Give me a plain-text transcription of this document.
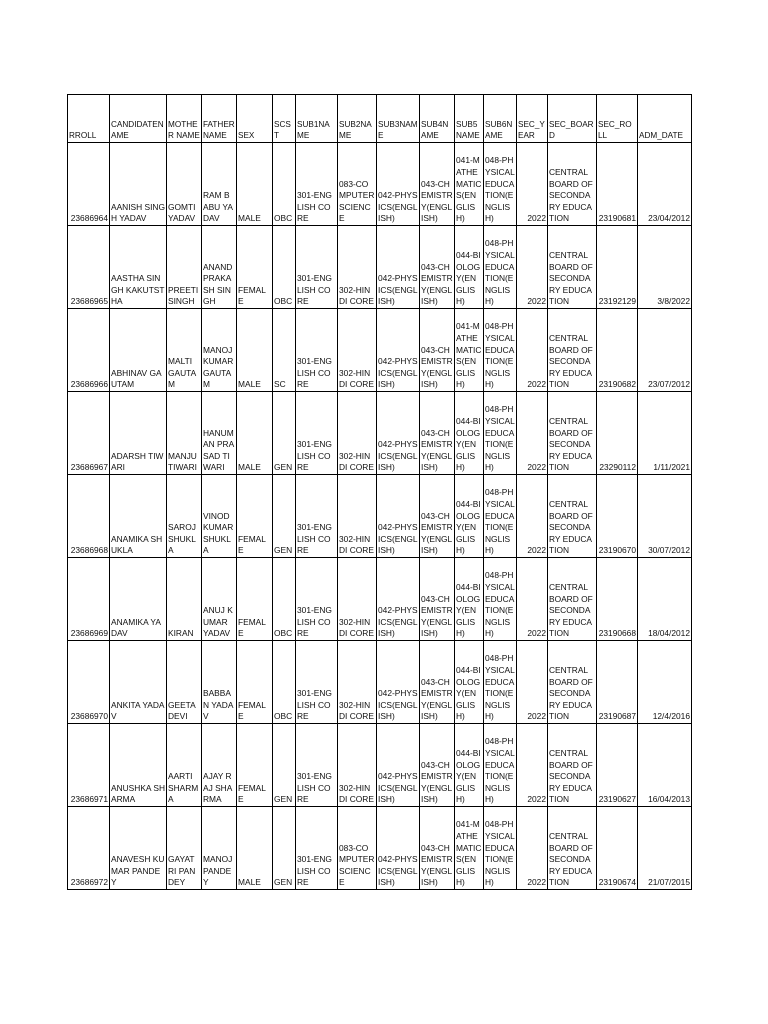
RROLL	CANDIDATENAME	MOTHER NAME	FATHER NAME	SEX	SCST	SUB1NAME	SUB2NAME	SUB3NAME	SUB4NAME	SUB5 NAME	SUB6NAME	SEC_YEAR	SEC_BOARD	SEC_ROLL	ADM_DATE
23686964	AANISH SINGH YADAV	GOMTI YADAV	RAM BABU YADAV	MALE	OBC	301-ENGLISH CORE	083-COMPUTER SCIENCE	042-PHYSICS(ENGLISH)	043-CHEMISTRY(ENGLISH)	041-MATHEMATICS(ENGLISH)	048-PHYSICAL EDUCATION(ENGLISH)	2022	CENTRAL BOARD OF SECONDARY EDUCATION	23190681	23/04/2012
23686965	AASTHA SINGH KAKUTSTHA	PREETI SINGH	ANAND PRAKASH SINGH	FEMALE	OBC	301-ENGLISH CORE	302-HINDI CORE	042-PHYSICS(ENGLISH)	043-CHEMISTRY(ENGLISH)	044-BIOLOGY(ENGLISH)	048-PHYSICAL EDUCATION(ENGLISH)	2022	CENTRAL BOARD OF SECONDARY EDUCATION	23192129	3/8/2022
23686966	ABHINAV GAUTAM	MALTI GAUTAM	MANOJ KUMAR GAUTAM	MALE	SC	301-ENGLISH CORE	302-HINDI CORE	042-PHYSICS(ENGLISH)	043-CHEMISTRY(ENGLISH)	041-MATHEMATICS(ENGLISH)	048-PHYSICAL EDUCATION(ENGLISH)	2022	CENTRAL BOARD OF SECONDARY EDUCATION	23190682	23/07/2012
23686967	ADARSH TIWARI	MANJU TIWARI	HANUMAN PRASAD TIWARI	MALE	GEN	301-ENGLISH CORE	302-HINDI CORE	042-PHYSICS(ENGLISH)	043-CHEMISTRY(ENGLISH)	044-BIOLOGY(ENGLISH)	048-PHYSICAL EDUCATION(ENGLISH)	2022	CENTRAL BOARD OF SECONDARY EDUCATION	23290112	1/11/2021
23686968	ANAMIKA SHUKLA	SAROJ SHUKLA	VINOD KUMAR SHUKLA	FEMALE	GEN	301-ENGLISH CORE	302-HINDI CORE	042-PHYSICS(ENGLISH)	043-CHEMISTRY(ENGLISH)	044-BIOLOGY(ENGLISH)	048-PHYSICAL EDUCATION(ENGLISH)	2022	CENTRAL BOARD OF SECONDARY EDUCATION	23190670	30/07/2012
23686969	ANAMIKA YADAV	KIRAN	ANUJ KUMAR YADAV	FEMALE	OBC	301-ENGLISH CORE	302-HINDI CORE	042-PHYSICS(ENGLISH)	043-CHEMISTRY(ENGLISH)	044-BIOLOGY(ENGLISH)	048-PHYSICAL EDUCATION(ENGLISH)	2022	CENTRAL BOARD OF SECONDARY EDUCATION	23190668	18/04/2012
23686970	ANKITA YADAV	GEETA DEVI	BABBAN YADAV	FEMALE	OBC	301-ENGLISH CORE	302-HINDI CORE	042-PHYSICS(ENGLISH)	043-CHEMISTRY(ENGLISH)	044-BIOLOGY(ENGLISH)	048-PHYSICAL EDUCATION(ENGLISH)	2022	CENTRAL BOARD OF SECONDARY EDUCATION	23190687	12/4/2016
23686971	ANUSHKA SHARMA	AARTI SHARMA	AJAY RAJ SHARMA	FEMALE	GEN	301-ENGLISH CORE	302-HINDI CORE	042-PHYSICS(ENGLISH)	043-CHEMISTRY(ENGLISH)	044-BIOLOGY(ENGLISH)	048-PHYSICAL EDUCATION(ENGLISH)	2022	CENTRAL BOARD OF SECONDARY EDUCATION	23190627	16/04/2013
23686972	ANAVESH KUMAR PANDEY	GAYATRI PANDEY	MANOJ PANDEY	MALE	GEN	301-ENGLISH CORE	083-COMPUTER SCIENCE	042-PHYSICS(ENGLISH)	043-CHEMISTRY(ENGLISH)	041-MATHEMATICS(ENGLISH)	048-PHYSICAL EDUCATION(ENGLISH)	2022	CENTRAL BOARD OF SECONDARY EDUCATION	23190674	21/07/2015
